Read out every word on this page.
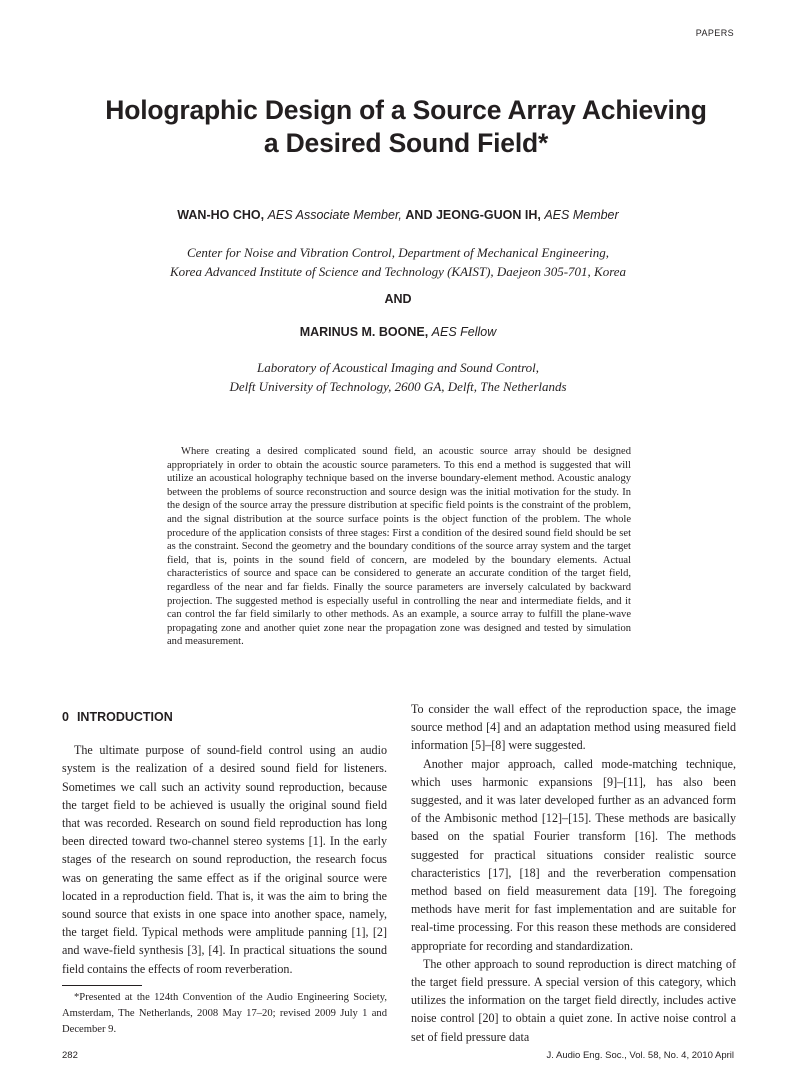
PAPERS
Holographic Design of a Source Array Achieving
a Desired Sound Field*
WAN-HO CHO, AES Associate Member, AND JEONG-GUON IH, AES Member
Center for Noise and Vibration Control, Department of Mechanical Engineering,
Korea Advanced Institute of Science and Technology (KAIST), Daejeon 305-701, Korea
AND
MARINUS M. BOONE, AES Fellow
Laboratory of Acoustical Imaging and Sound Control,
Delft University of Technology, 2600 GA, Delft, The Netherlands
Where creating a desired complicated sound field, an acoustic source array should be designed appropriately in order to obtain the acoustic source parameters. To this end a method is suggested that will utilize an acoustical holography technique based on the inverse boundary-element method. Acoustic analogy between the problems of source reconstruction and source design was the initial motivation for the study. In the design of the source array the pressure distribution at specific field points is the constraint of the problem, and the signal distribution at the source surface points is the object function of the problem. The whole procedure of the application consists of three stages: First a condition of the desired sound field should be set as the constraint. Second the geometry and the boundary conditions of the source array system and the target field, that is, points in the sound field of concern, are modeled by the boundary elements. Actual characteristics of source and space can be considered to generate an accurate condition of the target field, regardless of the near and far fields. Finally the source parameters are inversely calculated by backward projection. The suggested method is especially useful in controlling the near and intermediate fields, and it can control the far field similarly to other methods. As an example, a source array to fulfill the plane-wave propagating zone and another quiet zone near the propagation zone was designed and tested by simulation and measurement.
0 INTRODUCTION

The ultimate purpose of sound-field control using an audio system is the realization of a desired sound field for listeners. Sometimes we call such an activity sound reproduction, because the target field to be achieved is usually the original sound field that was recorded. Research on sound field reproduction has long been directed toward two-channel stereo systems [1]. In the early stages of the research on sound reproduction, the research focus was on generating the same effect as if the original source were located in a reproduction field. That is, it was the aim to bring the sound source that exists in one space into another space, namely, the target field. Typical methods were amplitude panning [1], [2] and wave-field synthesis [3], [4]. In practical situations the sound field contains the effects of room reverberation.

To consider the wall effect of the reproduction space, the image source method [4] and an adaptation method using measured field information [5]–[8] were suggested.

Another major approach, called mode-matching technique, which uses harmonic expansions [9]–[11], has also been suggested, and it was later developed further as an advanced form of the Ambisonic method [12]–[15]. These methods are basically based on the spatial Fourier transform [16]. The methods suggested for practical situations consider realistic source characteristics [17], [18] and the reverberation compensation method based on field measurement data [19]. The foregoing methods have merit for fast implementation and are suitable for real-time processing. For this reason these methods are considered appropriate for recording and standardization.

The other approach to sound reproduction is direct matching of the target field pressure. A special version of this category, which utilizes the information on the target field directly, includes active noise control [20] to obtain a quiet zone. In active noise control a set of field pressure data

*Presented at the 124th Convention of the Audio Engineering Society, Amsterdam, The Netherlands, 2008 May 17–20; revised 2009 July 1 and December 9.
282	J. Audio Eng. Soc., Vol. 58, No. 4, 2010 April
